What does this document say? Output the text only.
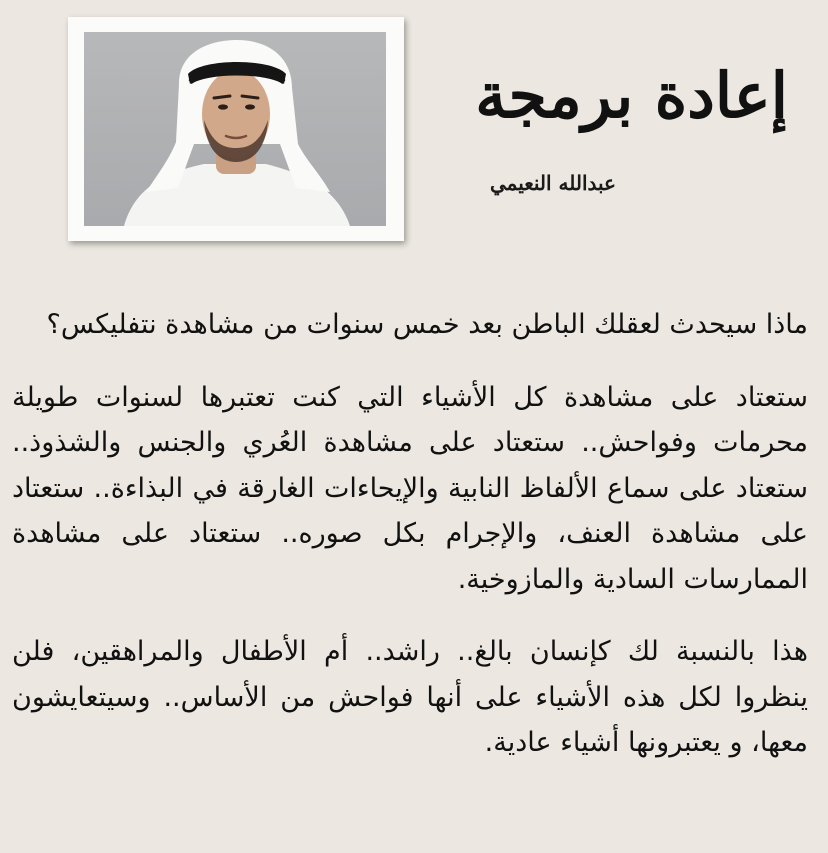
إعادة برمجة
عبدالله النعيمي

ماذا سيحدث لعقلك الباطن بعد خمس سنوات من مشاهدة نتفليكس؟

ستعتاد على مشاهدة كل الأشياء التي كنت تعتبرها لسنوات طويلة محرمات وفواحش.. ستعتاد على مشاهدة العُري والجنس والشذوذ.. ستعتاد على سماع الألفاظ النابية والإيحاءات الغارقة في البذاءة.. ستعتاد على مشاهدة العنف، والإجرام بكل صوره.. ستعتاد على مشاهدة الممارسات السادية والمازوخية.

هذا بالنسبة لك كإنسان بالغ.. راشد.. أم الأطفال والمراهقين، فلن ينظروا لكل هذه الأشياء على أنها فواحش من الأساس.. وسيتعايشون معها، و يعتبرونها أشياء عادية.
